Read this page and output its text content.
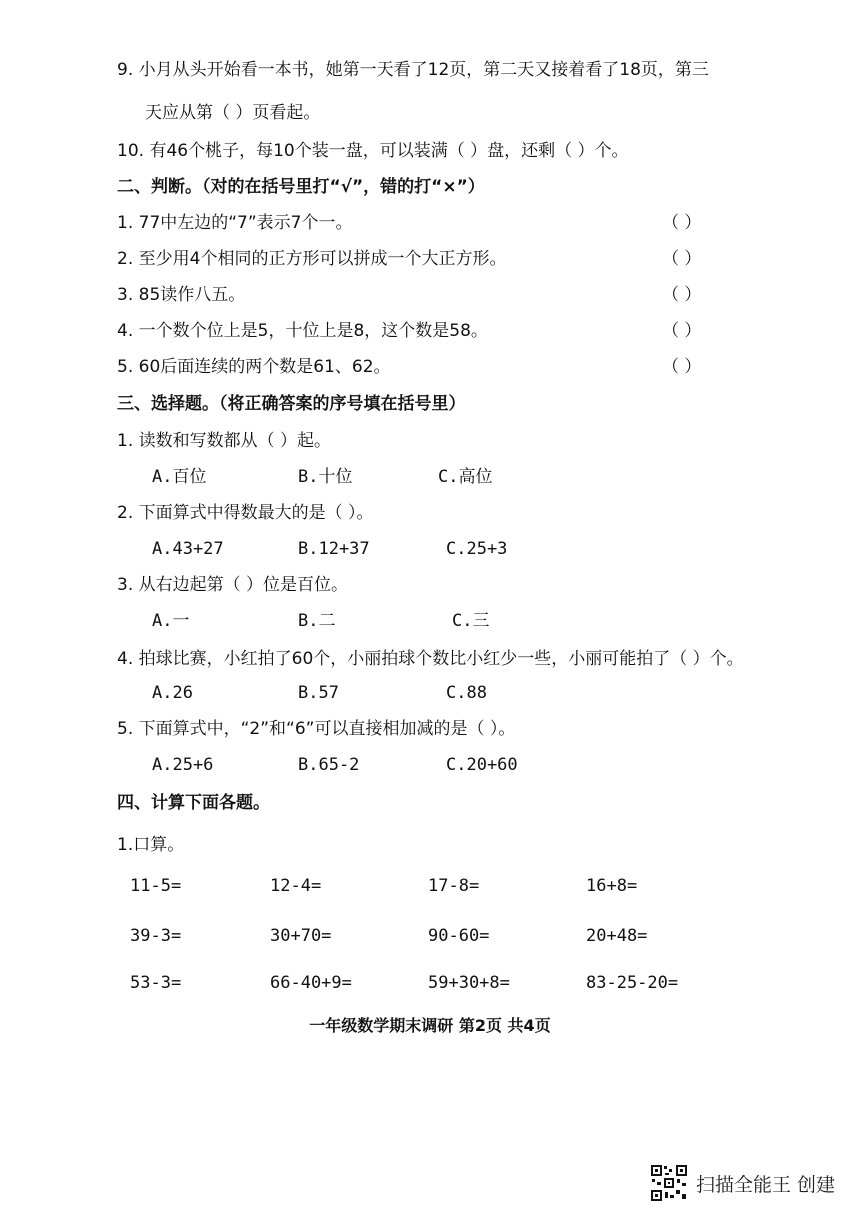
9. 小月从头开始看一本书，她第一天看了12页，第二天又接着看了18页，第三
天应从第（ ）页看起。
10. 有46个桃子，每10个装一盘，可以装满（ ）盘，还剩（ ）个。
二、判断。（对的在括号里打“√”，错的打“×”）
1. 77中左边的“7”表示7个一。	（ ）
2. 至少用4个相同的正方形可以拼成一个大正方形。	（ ）
3. 85读作八五。	（ ）
4. 一个数个位上是5，十位上是8，这个数是58。	（ ）
5. 60后面连续的两个数是61、62。	（ ）
三、选择题。（将正确答案的序号填在括号里）
1. 读数和写数都从（ ）起。
A.百位	B.十位	C.高位
2. 下面算式中得数最大的是（ ）。
A.43+27	B.12+37	C.25+3
3. 从右边起第（ ）位是百位。
A.一	B.二	C.三
4. 拍球比赛，小红拍了60个，小丽拍球个数比小红少一些，小丽可能拍了（ ）个。
A.26	B.57	C.88
5. 下面算式中，“2”和“6”可以直接相加减的是（ ）。
A.25+6	B.65-2	C.20+60
四、计算下面各题。
1.口算。
11-5=	12-4=	17-8=	16+8=
39-3=	30+70=	90-60=	20+48=
53-3=	66-40+9=	59+30+8=	83-25-20=
一年级数学期末调研 第2页 共4页
扫描全能王 创建
